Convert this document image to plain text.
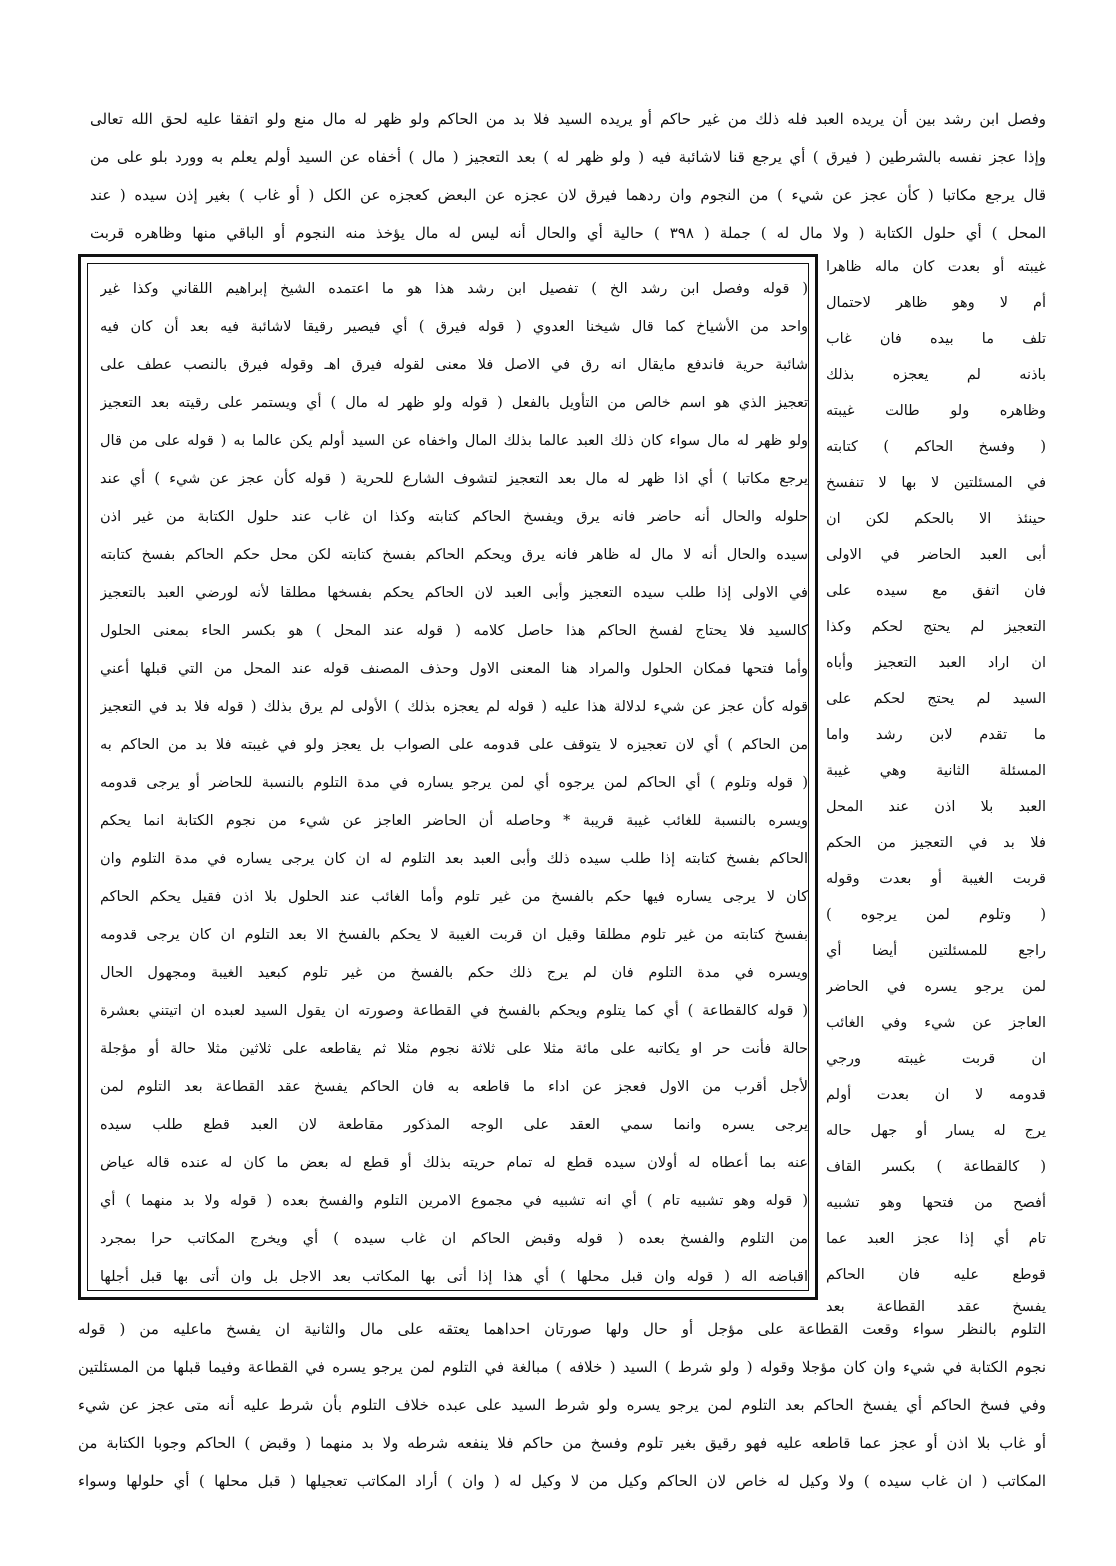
وفصل ابن رشد بين أن يريده العبد فله ذلك من غير حاكم أو يريده السيد فلا بد من الحاكم ولو ظهر له مال منع ولو اتفقا عليه لحق الله تعالى
وإذا عجز نفسه بالشرطين ( فيرق ) أي يرجع قنا لاشائبة فيه ( ولو ظهر له ) بعد التعجيز ( مال ) أخفاه عن السيد أولم يعلم به وورد بلو على من
قال يرجع مكاتبا ( كأن عجز عن شيء ) من النجوم وان ردهما فيرق لان عجزه عن البعض كعجزه عن الكل ( أو غاب ) بغير إذن سيده ( عند
المحل ) أي حلول الكتابة ( ولا مال له ) جملة ( ٣٩٨ ) حالية أي والحال أنه ليس له مال يؤخذ منه النجوم أو الباقي منها وظاهره قربت
( قوله وفصل ابن رشد الخ ) تفصيل ابن رشد هذا هو ما اعتمده الشيخ إبراهيم اللقاني وكذا غير
واحد من الأشياخ كما قال شيخنا العدوي ( قوله فيرق ) أي فيصير رقيقا لاشائبة فيه بعد أن كان فيه
شائبة حرية فاندفع مايقال انه رق في الاصل فلا معنى لقوله فيرق اهـ وقوله فيرق بالنصب عطف على
تعجيز الذي هو اسم خالص من التأويل بالفعل ( قوله ولو ظهر له مال ) أي ويستمر على رقيته بعد التعجيز
ولو ظهر له مال سواء كان ذلك العبد عالما بذلك المال واخفاه عن السيد أولم يكن عالما به ( قوله على من قال
يرجع مكاتبا ) أي اذا ظهر له مال بعد التعجيز لتشوف الشارع للحرية ( قوله كأن عجز عن شيء ) أي عند
حلوله والحال أنه حاضر فانه يرق ويفسخ الحاكم كتابته وكذا ان غاب عند حلول الكتابة من غير اذن
سيده والحال أنه لا مال له ظاهر فانه يرق ويحكم الحاكم بفسخ كتابته لكن محل حكم الحاكم بفسخ كتابته
في الاولى إذا طلب سيده التعجيز وأبى العبد لان الحاكم يحكم بفسخها مطلقا لأنه لورضي العبد بالتعجيز
كالسيد فلا يحتاج لفسخ الحاكم هذا حاصل كلامه ( قوله عند المحل ) هو بكسر الحاء بمعنى الحلول
وأما فتحها فمكان الحلول والمراد هنا المعنى الاول وحذف المصنف قوله عند المحل من التي قبلها أعني
قوله كأن عجز عن شيء لدلالة هذا عليه ( قوله لم يعجزه بذلك ) الأولى لم يرق بذلك ( قوله فلا بد في التعجيز
من الحاكم ) أي لان تعجيزه لا يتوقف على قدومه على الصواب بل يعجز ولو في غيبته فلا بد من الحاكم به
( قوله وتلوم ) أي الحاكم لمن يرجوه أي لمن يرجو يساره في مدة التلوم بالنسبة للحاضر أو يرجى قدومه
ويسره بالنسبة للغائب غيبة قريبة * وحاصله أن الحاضر العاجز عن شيء من نجوم الكتابة انما يحكم
الحاكم بفسخ كتابته إذا طلب سيده ذلك وأبى العبد بعد التلوم له ان كان يرجى يساره في مدة التلوم وان
كان لا يرجى يساره فيها حكم بالفسخ من غير تلوم وأما الغائب عند الحلول بلا اذن فقيل يحكم الحاكم
بفسخ كتابته من غير تلوم مطلقا وقيل ان قربت الغيبة لا يحكم بالفسخ الا بعد التلوم ان كان يرجى قدومه
ويسره في مدة التلوم فان لم يرج ذلك حكم بالفسخ من غير تلوم كبعيد الغيبة ومجهول الحال
( قوله كالقطاعة ) أي كما يتلوم ويحكم بالفسخ في القطاعة وصورته ان يقول السيد لعبده ان اتيتني بعشرة
حالة فأنت حر او يكاتبه على مائة مثلا على ثلاثة نجوم مثلا ثم يقاطعه على ثلاثين مثلا حالة أو مؤجلة
لأجل أقرب من الاول فعجز عن اداء ما قاطعه به فان الحاكم يفسخ عقد القطاعة بعد التلوم لمن
يرجى يسره وانما سمي العقد على الوجه المذكور مقاطعة لان العبد قطع طلب سيده
عنه بما أعطاه له أولان سيده قطع له تمام حريته بذلك أو قطع له بعض ما كان له عنده قاله عياض
( قوله وهو تشبيه تام ) أي انه تشبيه في مجموع الامرين التلوم والفسخ بعده ( قوله ولا بد منهما ) أي
من التلوم والفسخ بعده ( قوله وقبض الحاكم ان غاب سيده ) أي ويخرج المكاتب حرا بمجرد
اقباضه اله ( قوله وان قبل محلها ) أي هذا إذا أتى بها المكاتب بعد الاجل بل وان أتى بها قبل أجلها
غيبته أو بعدت كان ماله ظاهرا
أم لا وهو ظاهر لاحتمال
تلف ما بيده فان غاب
باذنه لم يعجزه بذلك
وظاهره ولو طالت غيبته
( وفسخ الحاكم ) كتابته
في المسئلتين لا بها لا تنفسخ
حينئذ الا بالحكم لكن ان
أبى العبد الحاضر في الاولى
فان اتفق مع سيده على
التعجيز لم يحتج لحكم وكذا
ان اراد العبد التعجيز وأباه
السيد لم يحتج لحكم على
ما تقدم لابن رشد واما
المسئلة الثانية وهي غيبة
العبد بلا اذن عند المحل
فلا بد في التعجيز من الحكم
قربت الغيبة أو بعدت وقوله
( وتلوم لمن يرجوه )
راجع للمسئلتين أيضا أي
لمن يرجو يسره في الحاضر
العاجز عن شيء وفي الغائب
ان قربت غيبته ورجي
قدومه لا ان بعدت أولم
يرج له يسار أو جهل حاله
( كالقطاعة ) بكسر القاف
أفصح من فتحها وهو تشبيه
تام أي إذا عجز العبد عما
قوطع عليه فان الحاكم
يفسخ عقد القطاعة بعد
التلوم بالنظر سواء وقعت القطاعة على مؤجل أو حال ولها صورتان احداهما يعتقه على مال والثانية ان يفسخ ماعليه من ( قوله
نجوم الكتابة في شيء وان كان مؤجلا وقوله ( ولو شرط ) السيد ( خلافه ) مبالغة في التلوم لمن يرجو يسره في القطاعة وفيما قبلها من المسئلتين
وفي فسخ الحاكم أي يفسخ الحاكم بعد التلوم لمن يرجو يسره ولو شرط السيد على عبده خلاف التلوم بأن شرط عليه أنه متى عجز عن شيء
أو غاب بلا اذن أو عجز عما قاطعه عليه فهو رقيق بغير تلوم وفسخ من حاكم فلا ينفعه شرطه ولا بد منهما ( وقبض ) الحاكم وجوبا الكتابة من
المكاتب ( ان غاب سيده ) ولا وكيل له خاص لان الحاكم وكيل من لا وكيل له ( وان ) أراد المكاتب تعجيلها ( قبل محلها ) أي حلولها وسواء
